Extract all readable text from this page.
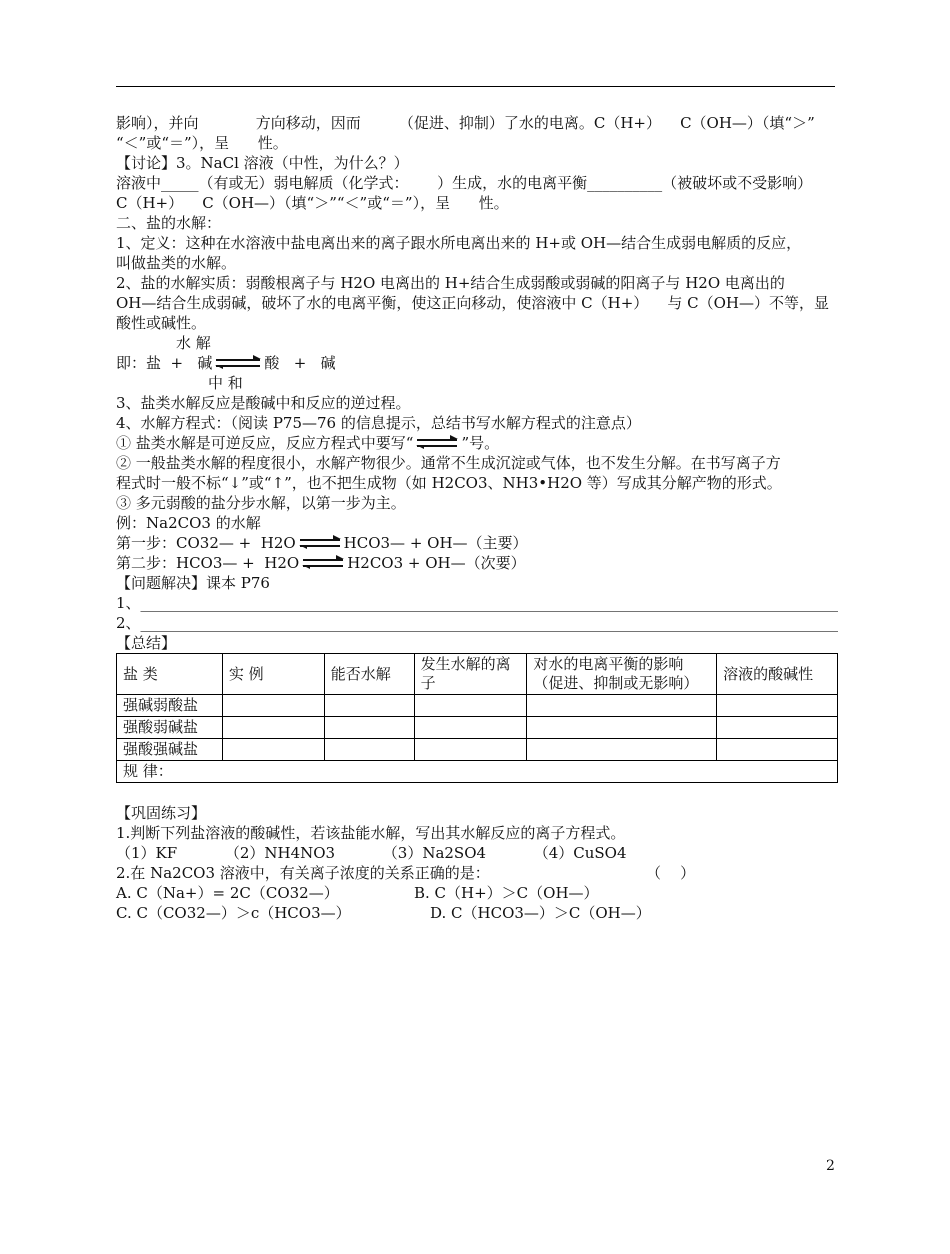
影响），并向            方向移动，因而        （促进、抑制）了水的电离。C（H+）    C（OH—）（填“＞”

“＜”或“＝”），呈      性。

【讨论】3。NaCl 溶液（中性，为什么？）

溶液中_____（有或无）弱电解质（化学式：      ）生成，水的电离平衡__________（被破坏或不受影响）

C（H+）    C（OH—）（填“＞”“＜”或“＝”），呈      性。

二、盐的水解：

1、定义：这种在水溶液中盐电离出来的离子跟水所电离出来的 H+或 OH—结合生成弱电解质的反应，

叫做盐类的水解。

2、盐的水解实质：弱酸根离子与 H2O 电离出的 H+结合生成弱酸或弱碱的阳离子与 H2O 电离出的

OH—结合生成弱碱，破坏了水的电离平衡，使这正向移动，使溶液中 C（H+）    与 C（OH—）不等，显

酸性或碱性。

水 解

即：盐  +   碱	酸   +   碱

中 和

3、盐类水解反应是酸碱中和反应的逆过程。

4、水解方程式：（阅读 P75—76 的信息提示，总结书写水解方程式的注意点）

① 盐类水解是可逆反应，反应方程式中要写“	”号。

② 一般盐类水解的程度很小，水解产物很少。通常不生成沉淀或气体，也不发生分解。在书写离子方

程式时一般不标“↓”或“↑”，也不把生成物（如 H2CO3、NH3•H2O 等）写成其分解产物的形式。

③ 多元弱酸的盐分步水解，以第一步为主。

例：Na2CO3 的水解

第一步：CO32— +  H2O	HCO3— + OH—（主要）
第二步：HCO3— +  H2O	H2CO3 + OH—（次要）

【问题解决】课本 P76

1、_____________________________________________________________________________________________

2、_____________________________________________________________________________________________

【总结】

盐 类	实 例	能否水解	发生水解的离子	对水的电离平衡的影响（促进、抑制或无影响）	溶液的酸碱性
强碱弱酸盐					
强酸弱碱盐					
强酸强碱盐					
规 律：					

【巩固练习】

1.判断下列盐溶液的酸碱性，若该盐能水解，写出其水解反应的离子方程式。

（1）KF          （2）NH4NO3          （3）Na2SO4          （4）CuSO4

2.在 Na2CO3 溶液中，有关离子浓度的关系正确的是：	（    ）
A. C（Na+）= 2C（CO32—）	B. C（H+）＞C（OH—）
C. C（CO32—）＞c（HCO3—）	D. C（HCO3—）＞C（OH—）
2
